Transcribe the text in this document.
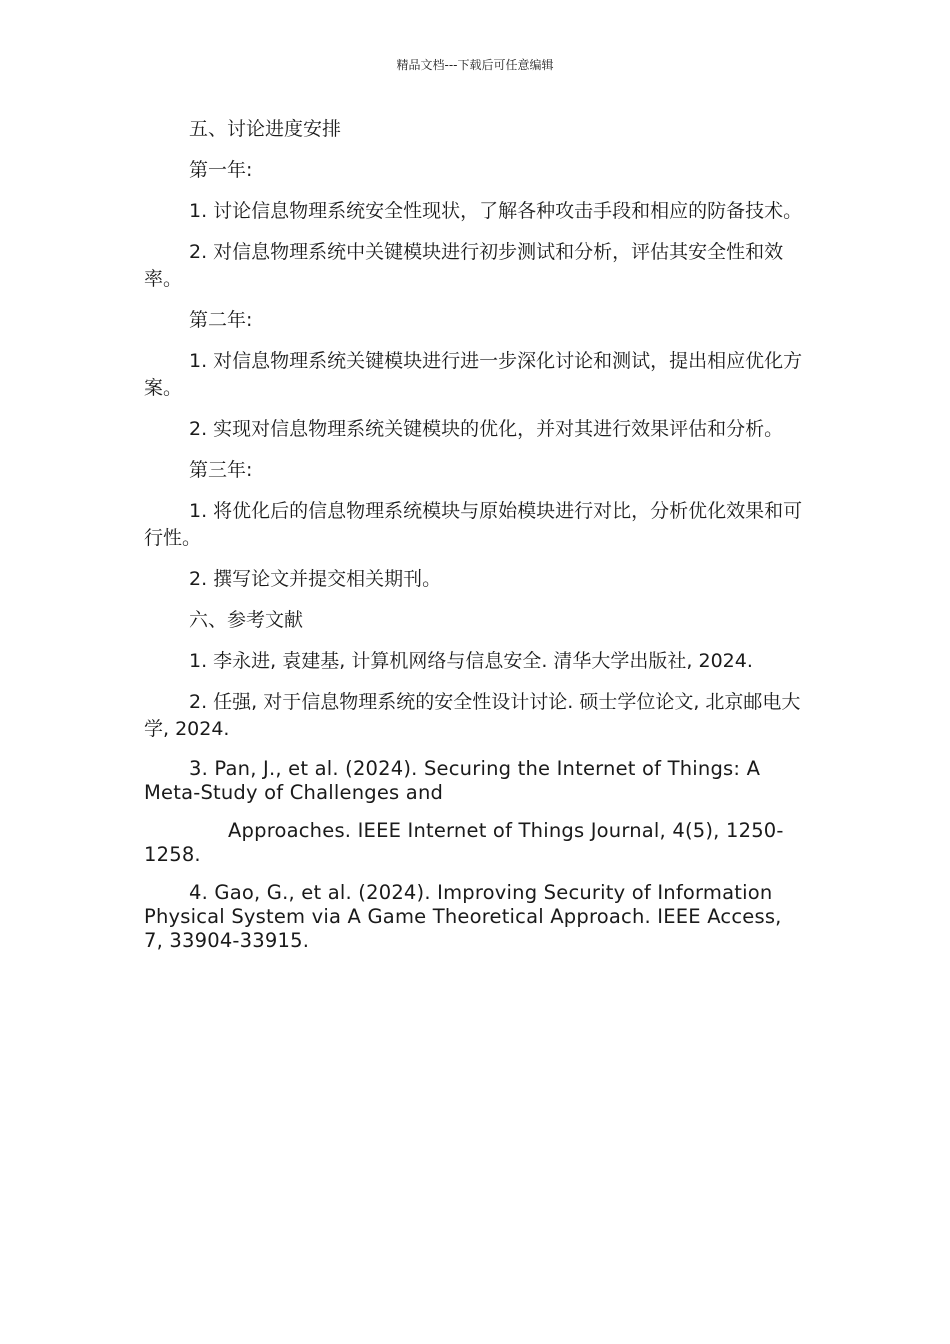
精品文档---下载后可任意编辑

五、讨论进度安排

第一年:

1. 讨论信息物理系统安全性现状，了解各种攻击手段和相应的防备技术。

2. 对信息物理系统中关键模块进行初步测试和分析，评估其安全性和效率。

第二年:

1. 对信息物理系统关键模块进行进一步深化讨论和测试，提出相应优化方案。

2. 实现对信息物理系统关键模块的优化，并对其进行效果评估和分析。

第三年:

1. 将优化后的信息物理系统模块与原始模块进行对比，分析优化效果和可行性。

2. 撰写论文并提交相关期刊。

六、参考文献

1. 李永进, 袁建基, 计算机网络与信息安全. 清华大学出版社, 2024.

2. 任强, 对于信息物理系统的安全性设计讨论. 硕士学位论文, 北京邮电大学, 2024.

3. Pan, J., et al. (2024). Securing the Internet of Things: A Meta-Study of Challenges and

Approaches. IEEE Internet of Things Journal, 4(5), 1250-1258.

4. Gao, G., et al. (2024). Improving Security of Information Physical System via A Game Theoretical Approach. IEEE Access, 7, 33904-33915.
